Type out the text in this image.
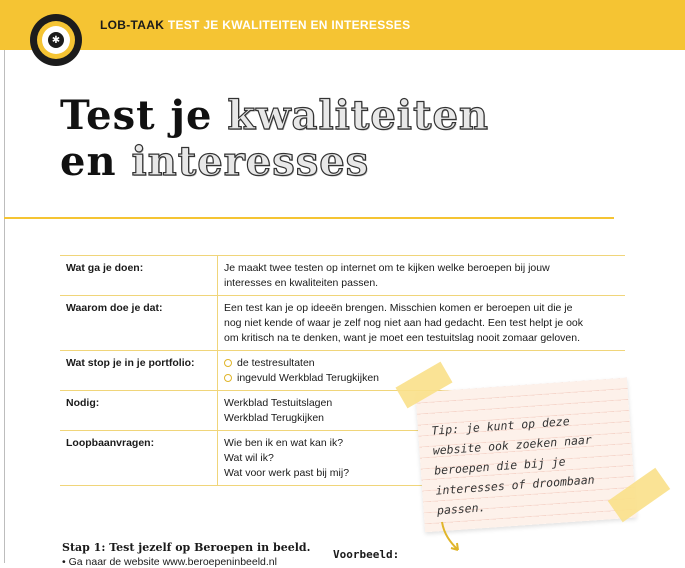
LOB-TAAK TEST JE KWALITEITEN EN INTERESSES
✱
Test je kwaliteiten
en interesses
Wat ga je doen:	Je maakt twee testen op internet om te kijken welke beroepen bij jouw
interesses en kwaliteiten passen.
Waarom doe je dat:	Een test kan je op ideeën brengen. Misschien komen er beroepen uit die je
nog niet kende of waar je zelf nog niet aan had gedacht. Een test helpt je ook
om kritisch na te denken, want je moet een testuitslag nooit zomaar geloven.
Wat stop je in je portfolio:	de testresultaten
ingevuld Werkblad Terugkijken
Nodig:	Werkblad Testuitslagen
Werkblad Terugkijken
Loopbaanvragen:	Wie ben ik en wat kan ik?
Wat wil ik?
Wat voor werk past bij mij?
Tip: je kunt op deze website ook zoeken naar beroepen die bij je interesses of droombaan passen.
Stap 1: Test jezelf op Beroepen in beeld.
• Ga naar de website www.beroepeninbeeld.nl
Voorbeeld:
